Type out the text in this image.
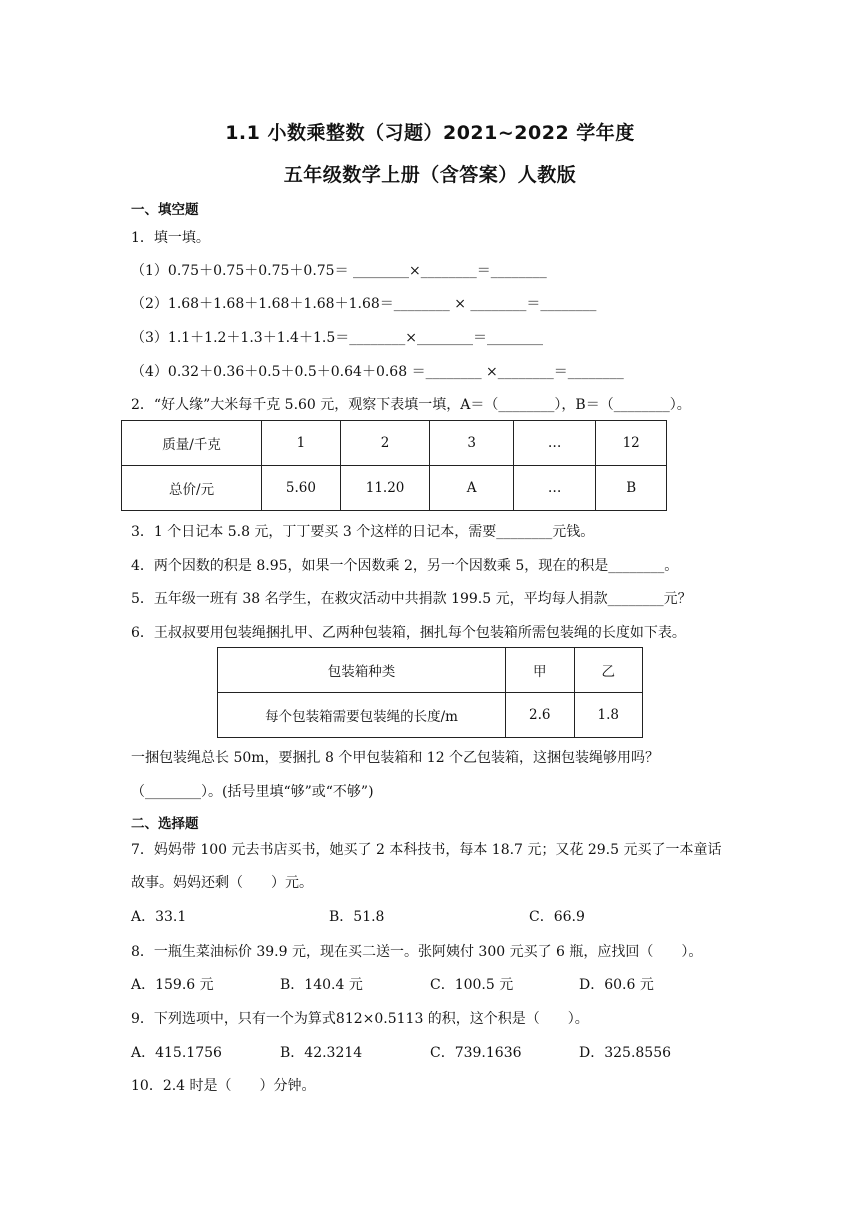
1.1 小数乘整数（习题）2021~2022 学年度
五年级数学上册（含答案）人教版
一、填空题
1．填一填。
（1）0.75＋0.75＋0.75＋0.75＝ ________×________＝________
（2）1.68＋1.68＋1.68＋1.68＋1.68＝________ × ________＝________
（3）1.1＋1.2＋1.3＋1.4＋1.5＝________×________＝________
（4）0.32＋0.36＋0.5＋0.5＋0.64＋0.68 ＝________ ×________＝________
2．“好人缘”大米每千克 5.60 元，观察下表填一填，A＝（________），B＝（________）。
质量/千克	1	2	3	…	12
总价/元	5.60	11.20	A	…	B
3．1 个日记本 5.8 元，丁丁要买 3 个这样的日记本，需要________元钱。
4．两个因数的积是 8.95，如果一个因数乘 2，另一个因数乘 5，现在的积是________。
5．五年级一班有 38 名学生，在救灾活动中共捐款 199.5 元，平均每人捐款________元？
6．王叔叔要用包装绳捆扎甲、乙两种包装箱，捆扎每个包装箱所需包装绳的长度如下表。
包装箱种类	甲	乙
每个包装箱需要包装绳的长度/m	2.6	1.8
一捆包装绳总长 50m，要捆扎 8 个甲包装箱和 12 个乙包装箱，这捆包装绳够用吗？
（________）。(括号里填“够”或“不够”)
二、选择题
7．妈妈带 100 元去书店买书，她买了 2 本科技书，每本 18.7 元；又花 29.5 元买了一本童话
故事。妈妈还剩（　　）元。
A．33.1	B．51.8	C．66.9
8．一瓶生菜油标价 39.9 元，现在买二送一。张阿姨付 300 元买了 6 瓶，应找回（　　）。
A．159.6 元	B．140.4 元	C．100.5 元	D．60.6 元
9．下列选项中，只有一个为算式812×0.5113 的积，这个积是（　　）。
A．415.1756	B．42.3214	C．739.1636	D．325.8556
10．2.4 时是（　　）分钟。
